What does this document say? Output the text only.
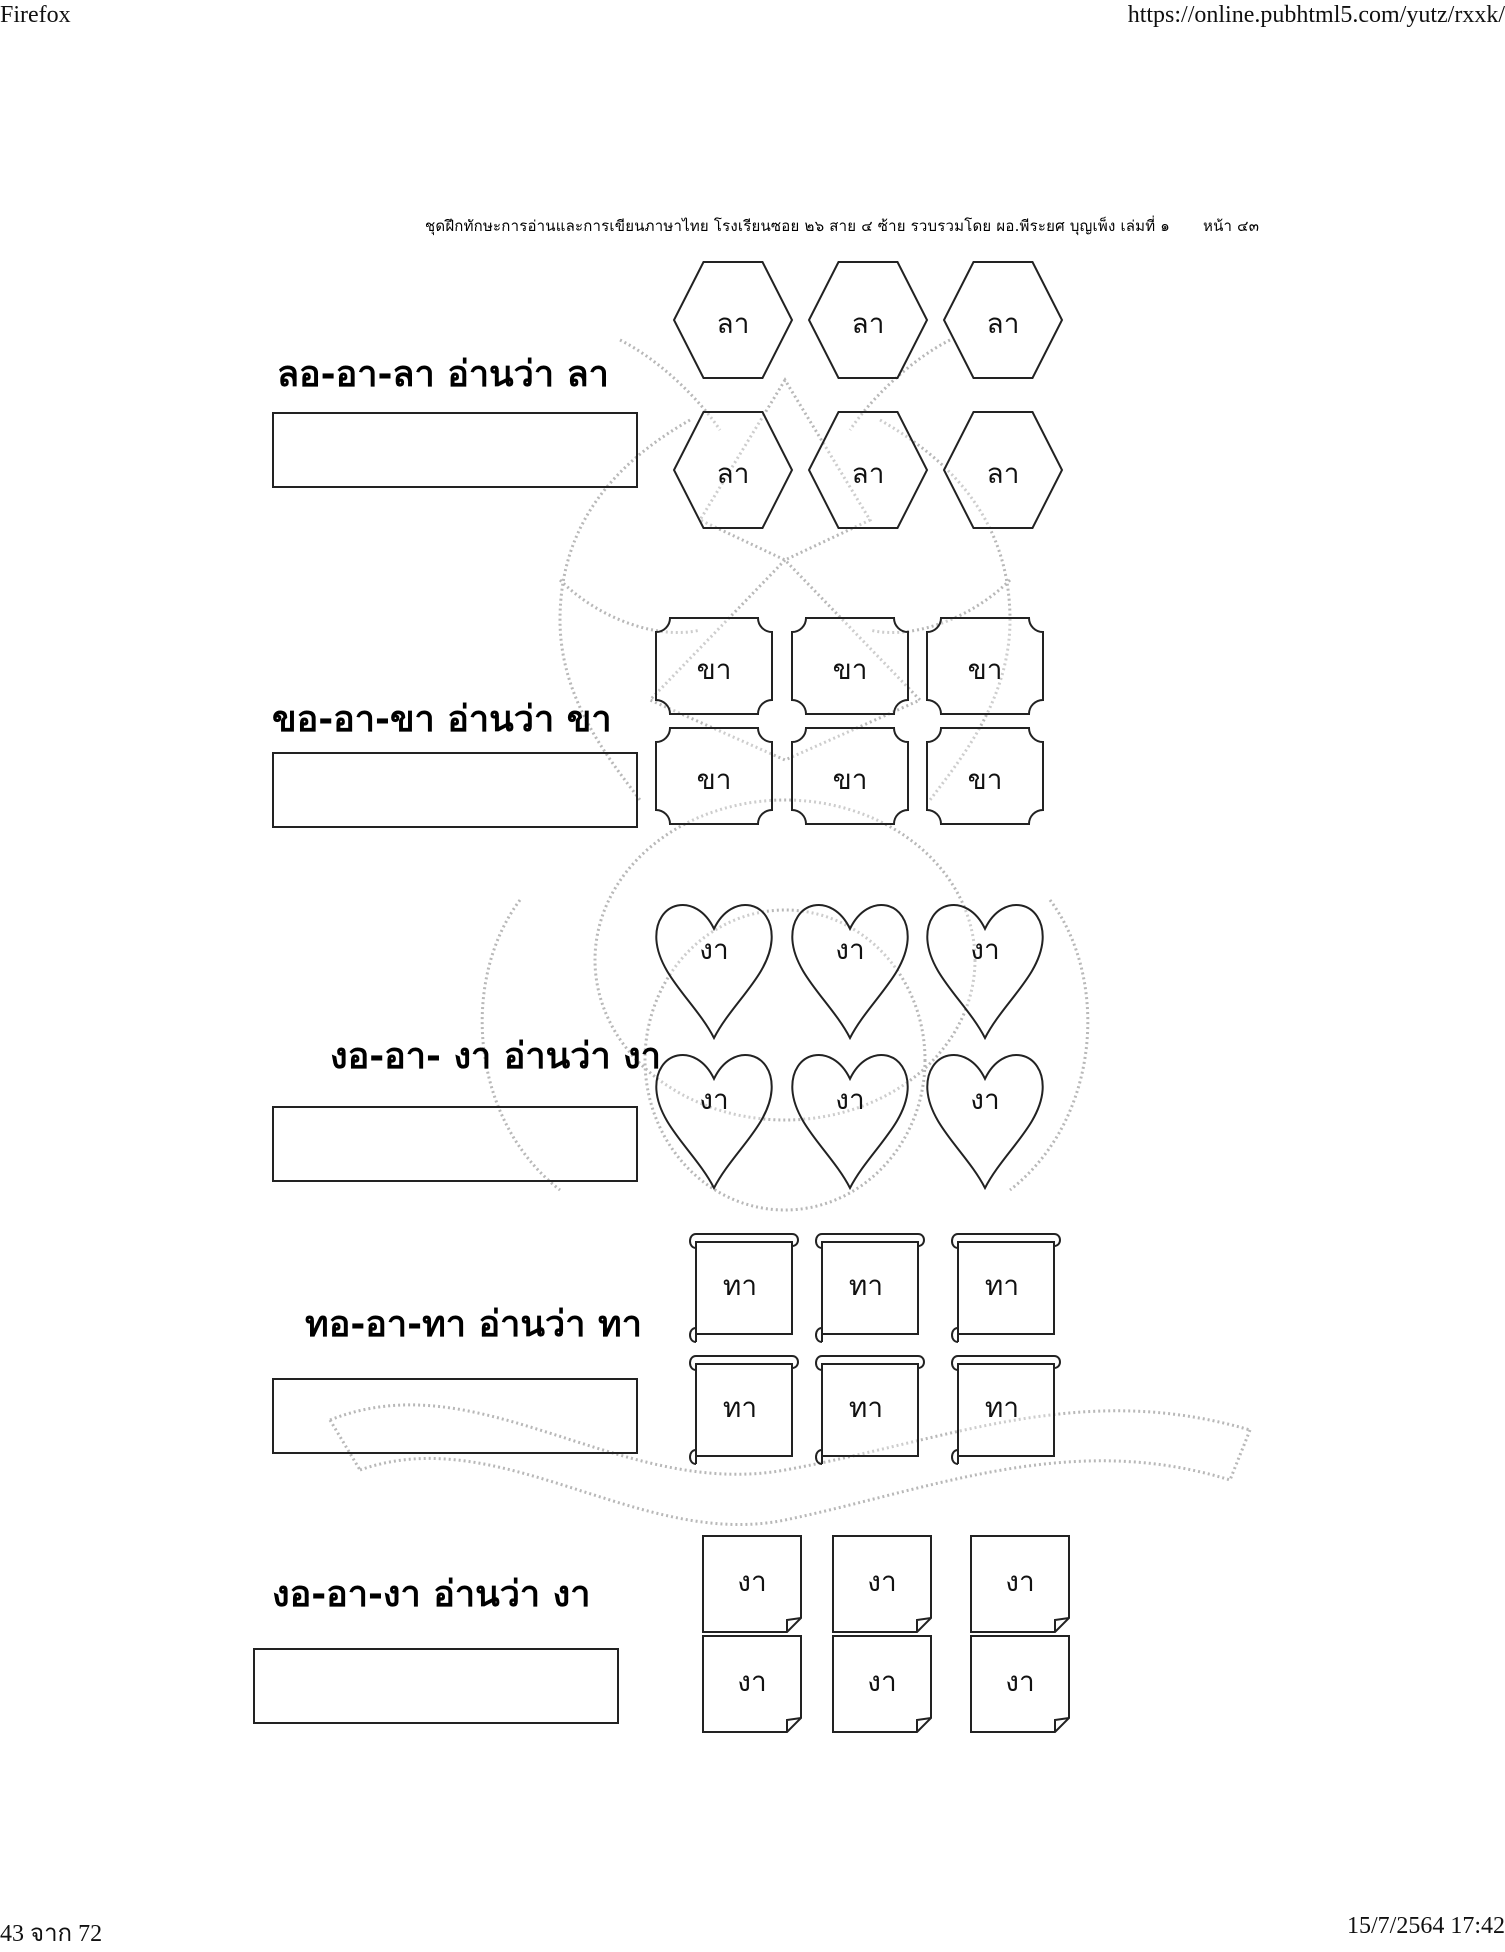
Firefox	https://online.pubhtml5.com/yutz/rxxk/
43 จาก 72	15/7/2564 17:42
ชุดฝึกทักษะการอ่านและการเขียนภาษาไทย โรงเรียนซอย ๒๖ สาย ๔ ซ้าย รวบรวมโดย ผอ.พีระยศ บุญเพ็ง เล่มที่ ๑ หน้า ๔๓
ลอ-อา-ลา อ่านว่า ลา
ขอ-อา-ขา อ่านว่า ขา
งอ-อา- งา อ่านว่า งา
ทอ-อา-ทา อ่านว่า ทา
งอ-อา-งา อ่านว่า งา
ลา	ลา	ลา
ลา	ลา	ลา
ขา	ขา	ขา
ขา	ขา	ขา
งา	งา	งา
งา	งา	งา
ทา	ทา	ทา
ทา	ทา	ทา
งา	งา	งา
งา	งา	งา
